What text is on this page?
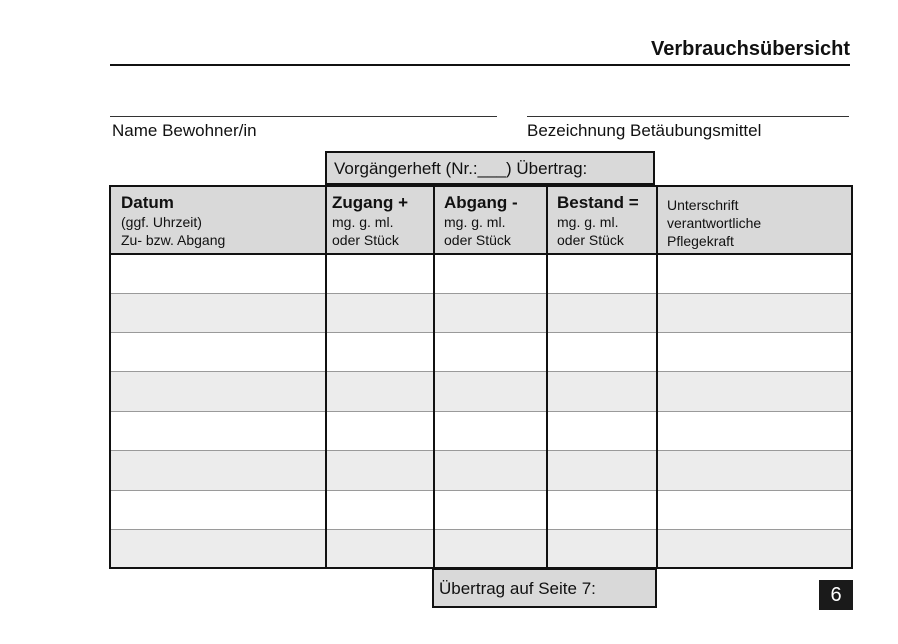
Verbrauchsübersicht
Name Bewohner/in	Bezeichnung Betäubungsmittel
Vorgängerheft (Nr.:___) Übertrag:
Datum
(ggf. Uhrzeit)
Zu- bzw. Abgang
Zugang +
mg. g. ml.
oder Stück
Abgang -
mg. g. ml.
oder Stück
Bestand =
mg. g. ml.
oder Stück
Unterschrift
verantwortliche
Pflegekraft
Übertrag auf Seite 7:	6
